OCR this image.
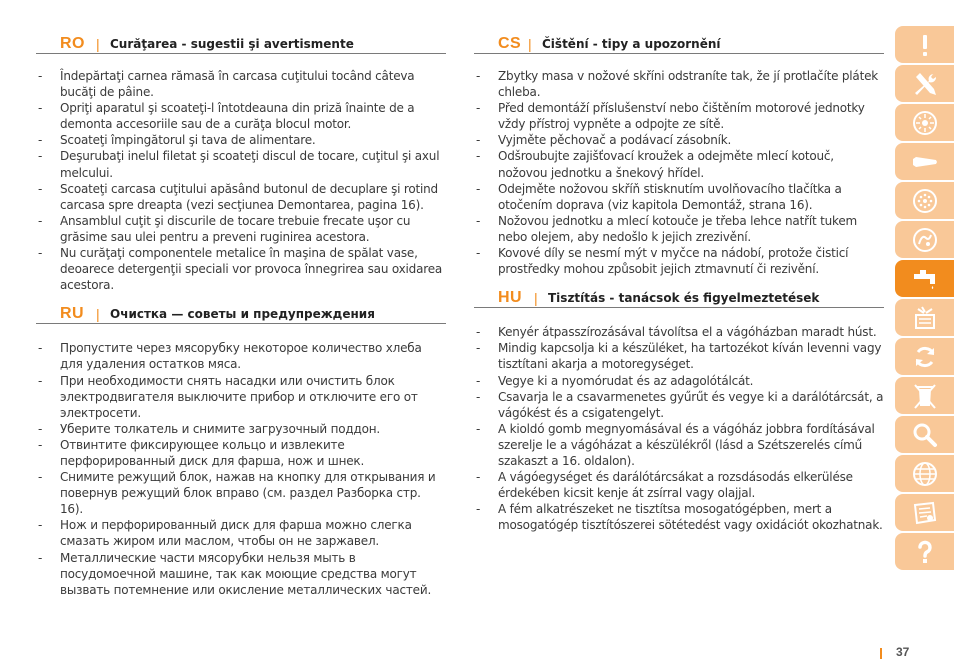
RO | Curăţarea - sugestii şi avertismente
- Îndepărtaţi carnea rămasă în carcasa cuţitului tocând câteva bucăţi de pâine.
- Opriţi aparatul şi scoateţi-l întotdeauna din priză înainte de a demonta accesoriile sau de a curăţa blocul motor.
- Scoateţi împingătorul şi tava de alimentare.
- Deşurubaţi inelul filetat şi scoateţi discul de tocare, cuţitul şi axul melcului.
- Scoateţi carcasa cuţitului apăsând butonul de decuplare şi rotind carcasa spre dreapta (vezi secţiunea Demontarea, pagina 16).
- Ansamblul cuţit şi discurile de tocare trebuie frecate uşor cu grăsime sau ulei pentru a preveni ruginirea acestora.
- Nu curăţaţi componentele metalice în maşina de spălat vase, deoarece detergenţii speciali vor provoca înnegrirea sau oxidarea acestora.
RU | Очистка — советы и предупреждения
- Пропустите через мясорубку некоторое количество хлеба для удаления остатков мяса.
- При необходимости снять насадки или очистить блок электродвигателя выключите прибор и отключите его от электросети.
- Уберите толкатель и снимите загрузочный поддон.
- Отвинтите фиксирующее кольцо и извлеките перфорированный диск для фарша, нож и шнек.
- Снимите режущий блок, нажав на кнопку для открывания и повернув режущий блок вправо (см. раздел Разборка стр. 16).
- Нож и перфорированный диск для фарша можно слегка смазать жиром или маслом, чтобы он не заржавел.
- Металлические части мясорубки нельзя мыть в посудомоечной машине, так как моющие средства могут вызвать потемнение или окисление металлических частей.
CS | Čištění - tipy a upozornění
- Zbytky masa v nožové skříni odstraníte tak, že jí protlačíte plátek chleba.
- Před demontáží příslušenství nebo čištěním motorové jednotky vždy přístroj vypněte a odpojte ze sítě.
- Vyjměte pěchovač a podávací zásobník.
- Odšroubujte zajišťovací kroužek a odejměte mlecí kotouč, nožovou jednotku a šnekový hřídel.
- Odejměte nožovou skříň stisknutím uvolňovacího tlačítka a otočením doprava (viz kapitola Demontáž, strana 16).
- Nožovou jednotku a mlecí kotouče je třeba lehce natřít tukem nebo olejem, aby nedošlo k jejich zrezivění.
- Kovové díly se nesmí mýt v myčce na nádobí, protože čisticí prostředky mohou způsobit jejich ztmavnutí či rezivění.
HU | Tisztítás - tanácsok és figyelmeztetések
- Kenyér átpasszírozásával távolítsa el a vágóházban maradt húst.
- Mindig kapcsolja ki a készüléket, ha tartozékot kíván levenni vagy tisztítani akarja a motoregységet.
- Vegye ki a nyomórudat és az adagolótálcát.
- Csavarja le a csavarmenetes gyűrűt és vegye ki a darálótárcsát, a vágókést és a csigatengelyt.
- A kioldó gomb megnyomásával és a vágóház jobbra fordításával szerelje le a vágóházat a készülékről (lásd a Szétszerelés című szakaszt a 16. oldalon).
- A vágóegységet és darálótárcsákat a rozsdásodás elkerülése érdekében kicsit kenje át zsírral vagy olajjal.
- A fém alkatrészeket ne tisztítsa mosogatógépben, mert a mosogatógép tisztítószerei sötétedést vagy oxidációt okozhatnak.
37
